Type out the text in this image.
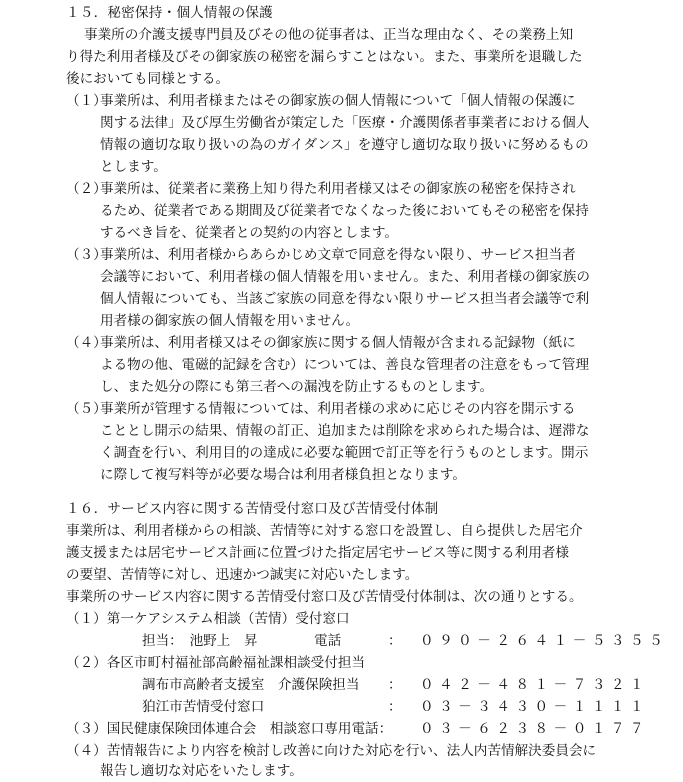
１５．秘密保持・個人情報の保護
事業所の介護支援専門員及びその他の従事者は、正当な理由なく、その業務上知
り得た利用者様及びその御家族の秘密を漏らすことはない。また、事業所を退職した
後においても同様とする。
（１）
事業所は、利用者様またはその御家族の個人情報について「個人情報の保護に
関する法律」及び厚生労働省が策定した「医療・介護関係者事業者における個人
情報の適切な取り扱いの為のガイダンス」を遵守し適切な取り扱いに努めるもの
とします。
（２）
事業所は、従業者に業務上知り得た利用者様又はその御家族の秘密を保持され
るため、従業者である期間及び従業者でなくなった後においてもその秘密を保持
するべき旨を、従業者との契約の内容とします。
（３）
事業所は、利用者様からあらかじめ文章で同意を得ない限り、サービス担当者
会議等において、利用者様の個人情報を用いません。また、利用者様の御家族の
個人情報についても、当該ご家族の同意を得ない限りサービス担当者会議等で利
用者様の御家族の個人情報を用いません。
（４）
事業所は、利用者様又はその御家族に関する個人情報が含まれる記録物（紙に
よる物の他、電磁的記録を含む）については、善良な管理者の注意をもって管理
し、また処分の際にも第三者への漏洩を防止するものとします。
（５）
事業所が管理する情報については、利用者様の求めに応じその内容を開示する
こととし開示の結果、情報の訂正、追加または削除を求められた場合は、遅滞な
く調査を行い、利用目的の達成に必要な範囲で訂正等を行うものとします。開示
に際して複写料等が必要な場合は利用者様負担となります。
１６．サービス内容に関する苦情受付窓口及び苦情受付体制
事業所は、利用者様からの相談、苦情等に対する窓口を設置し、自ら提供した居宅介
護支援または居宅サービス計画に位置づけた指定居宅サービス等に関する利用者様
の要望、苦情等に対し、迅速かつ誠実に対応いたします。
事業所のサービス内容に関する苦情受付窓口及び苦情受付体制は、次の通りとする。
（１）第一ケアシステム相談（苦情）受付窓口
担当：　池野上　昇	電話	： ０９０－２６４１－５３５５
（２）各区市町村福祉部高齢福祉課相談受付担当
調布市高齢者支援室　介護保険担当 ： ０４２－４８１－７３２１
狛江市苦情受付窓口	： ０３－３４３０－１１１１
（３）国民健康保険団体連合会　相談窓口専用電話： ０３－６２３８－０１７７
（４）苦情報告により内容を検討し改善に向けた対応を行い、法人内苦情解決委員会に
報告し適切な対応をいたします。
